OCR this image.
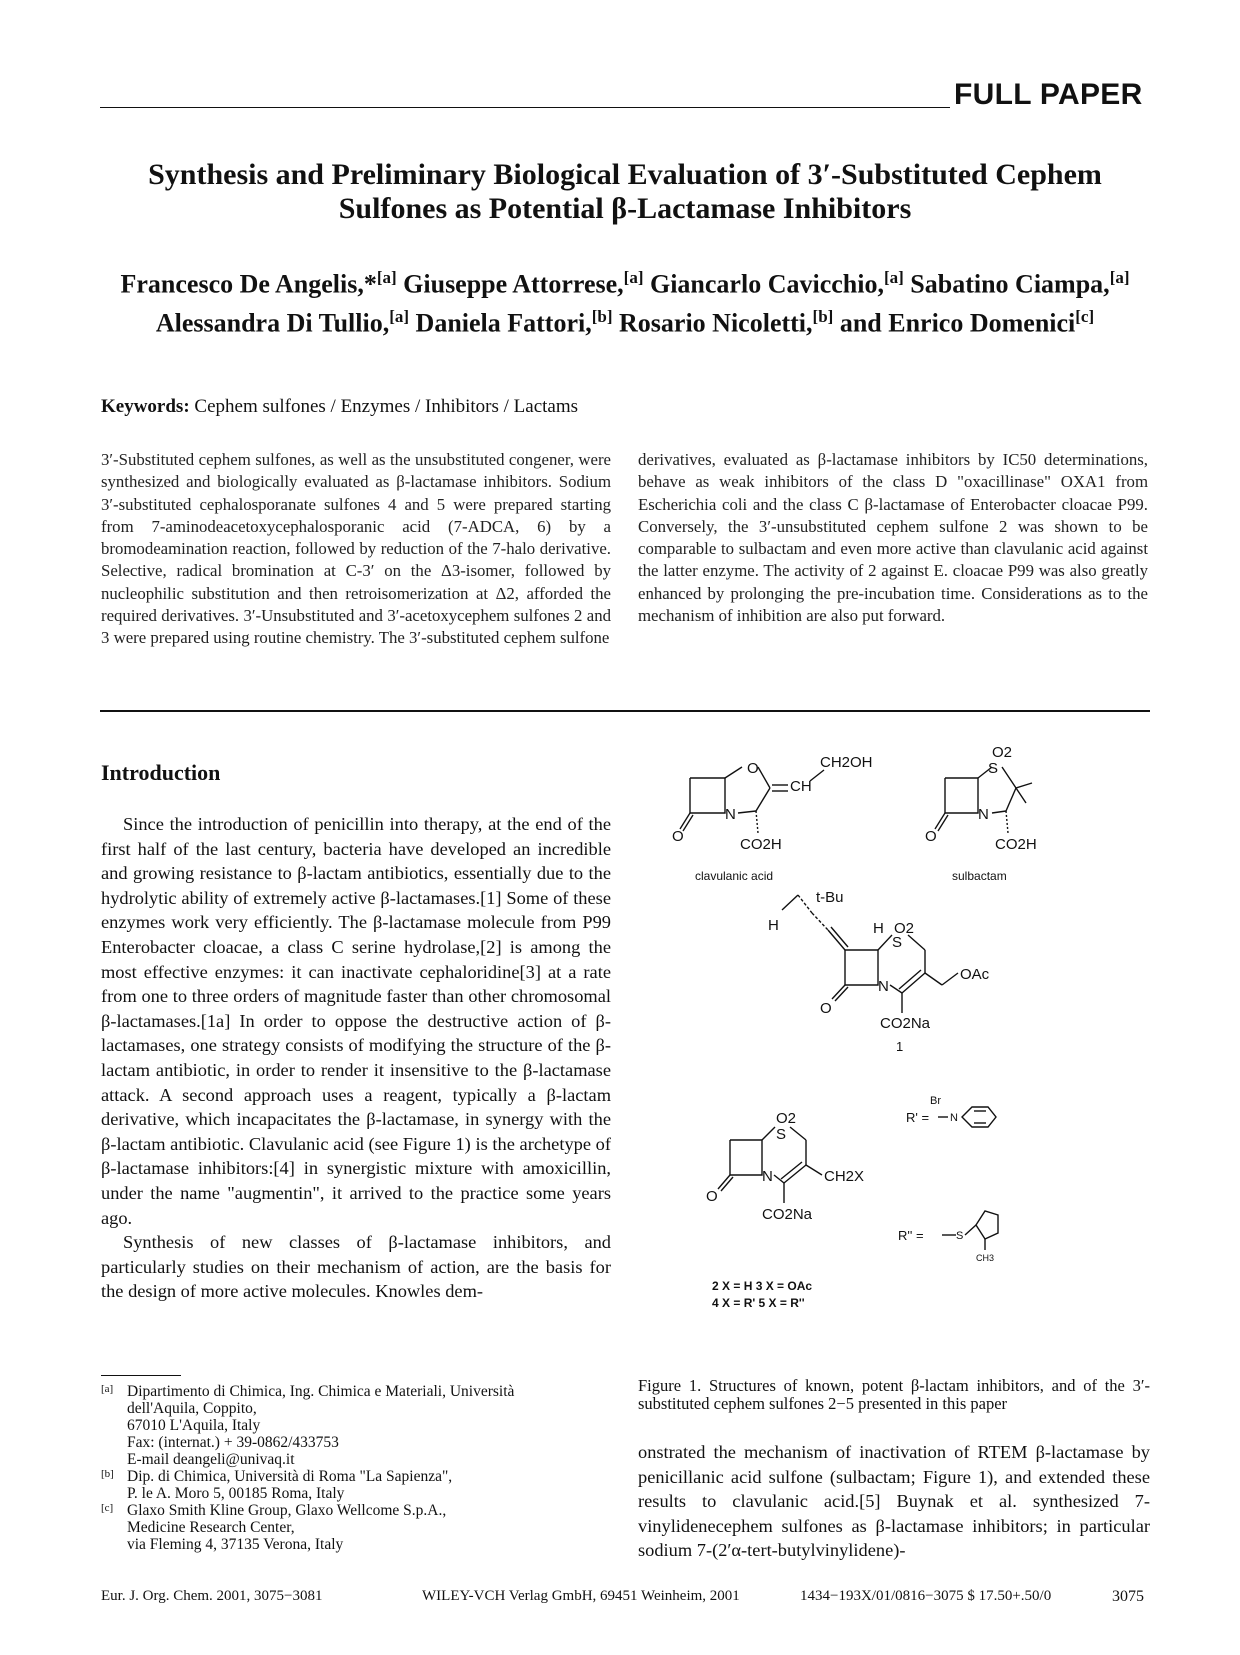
FULL PAPER
Synthesis and Preliminary Biological Evaluation of 3′-Substituted Cephem
Sulfones as Potential β-Lactamase Inhibitors
Francesco De Angelis,*[a] Giuseppe Attorrese,[a] Giancarlo Cavicchio,[a] Sabatino Ciampa,[a]
Alessandra Di Tullio,[a] Daniela Fattori,[b] Rosario Nicoletti,[b] and Enrico Domenici[c]
Keywords: Cephem sulfones / Enzymes / Inhibitors / Lactams
3′-Substituted cephem sulfones, as well as the unsubstituted congener, were synthesized and biologically evaluated as β-lactamase inhibitors. Sodium 3′-substituted cephalosporanate sulfones 4 and 5 were prepared starting from 7-aminodeacetoxycephalosporanic acid (7-ADCA, 6) by a bromodeamination reaction, followed by reduction of the 7-halo derivative. Selective, radical bromination at C-3′ on the Δ3-isomer, followed by nucleophilic substitution and then retroisomerization at Δ2, afforded the required derivatives. 3′-Unsubstituted and 3′-acetoxycephem sulfones 2 and 3 were prepared using routine chemistry. The 3′-substituted cephem sulfone
derivatives, evaluated as β-lactamase inhibitors by IC50 determinations, behave as weak inhibitors of the class D "oxacillinase" OXA1 from Escherichia coli and the class C β-lactamase of Enterobacter cloacae P99. Conversely, the 3′-unsubstituted cephem sulfone 2 was shown to be comparable to sulbactam and even more active than clavulanic acid against the latter enzyme. The activity of 2 against E. cloacae P99 was also greatly enhanced by prolonging the pre-incubation time. Considerations as to the mechanism of inhibition are also put forward.
Introduction

Since the introduction of penicillin into therapy, at the end of the first half of the last century, bacteria have developed an incredible and growing resistance to β-lactam antibiotics, essentially due to the hydrolytic ability of extremely active β-lactamases.[1] Some of these enzymes work very efficiently. The β-lactamase molecule from P99 Enterobacter cloacae, a class C serine hydrolase,[2] is among the most effective enzymes: it can inactivate cephaloridine[3] at a rate from one to three orders of magnitude faster than other chromosomal β-lactamases.[1a] In order to oppose the destructive action of β-lactamases, one strategy consists of modifying the structure of the β-lactam antibiotic, in order to render it insensitive to the β-lactamase attack. A second approach uses a reagent, typically a β-lactam derivative, which incapacitates the β-lactamase, in synergy with the β-lactam antibiotic. Clavulanic acid (see Figure 1) is the archetype of β-lactamase inhibitors:[4] in synergistic mixture with amoxicillin, under the name "augmentin", it arrived to the practice some years ago.

Synthesis of new classes of β-lactamase inhibitors, and particularly studies on their mechanism of action, are the basis for the design of more active molecules. Knowles dem-

[a] Dipartimento di Chimica, Ing. Chimica e Materiali, Università
dell'Aquila, Coppito,
67010 L'Aquila, Italy
Fax: (internat.) + 39-0862/433753
E-mail deangeli@univaq.it
[b] Dip. di Chimica, Università di Roma "La Sapienza",
P. le A. Moro 5, 00185 Roma, Italy
[c] Glaxo Smith Kline Group, Glaxo Wellcome S.p.A.,
Medicine Research Center,
via Fleming 4, 37135 Verona, Italy
O
N
O
CH
CH2OH
CO2H
clavulanic acid
S
O2
N
O	CO2H
sulbactam
t-Bu
H	H O2
S
N
O
OAc
CO2Na
1
O2
S
N
O
CH2X
CO2Na
R' =
Br
N
R'' =	S
CH3
2 X = H 3 X = OAc
4 X = R' 5 X = R''
Figure 1. Structures of known, potent β-lactam inhibitors, and of the 3′-substituted cephem sulfones 2−5 presented in this paper
onstrated the mechanism of inactivation of RTEM β-lactamase by penicillanic acid sulfone (sulbactam; Figure 1), and extended these results to clavulanic acid.[5] Buynak et al. synthesized 7-vinylidenecephem sulfones as β-lactamase inhibitors; in particular sodium 7-(2′α-tert-butylvinylidene)-
Eur. J. Org. Chem. 2001, 3075−3081	WILEY-VCH Verlag GmbH, 69451 Weinheim, 2001	1434−193X/01/0816−3075 $ 17.50+.50/0	3075
